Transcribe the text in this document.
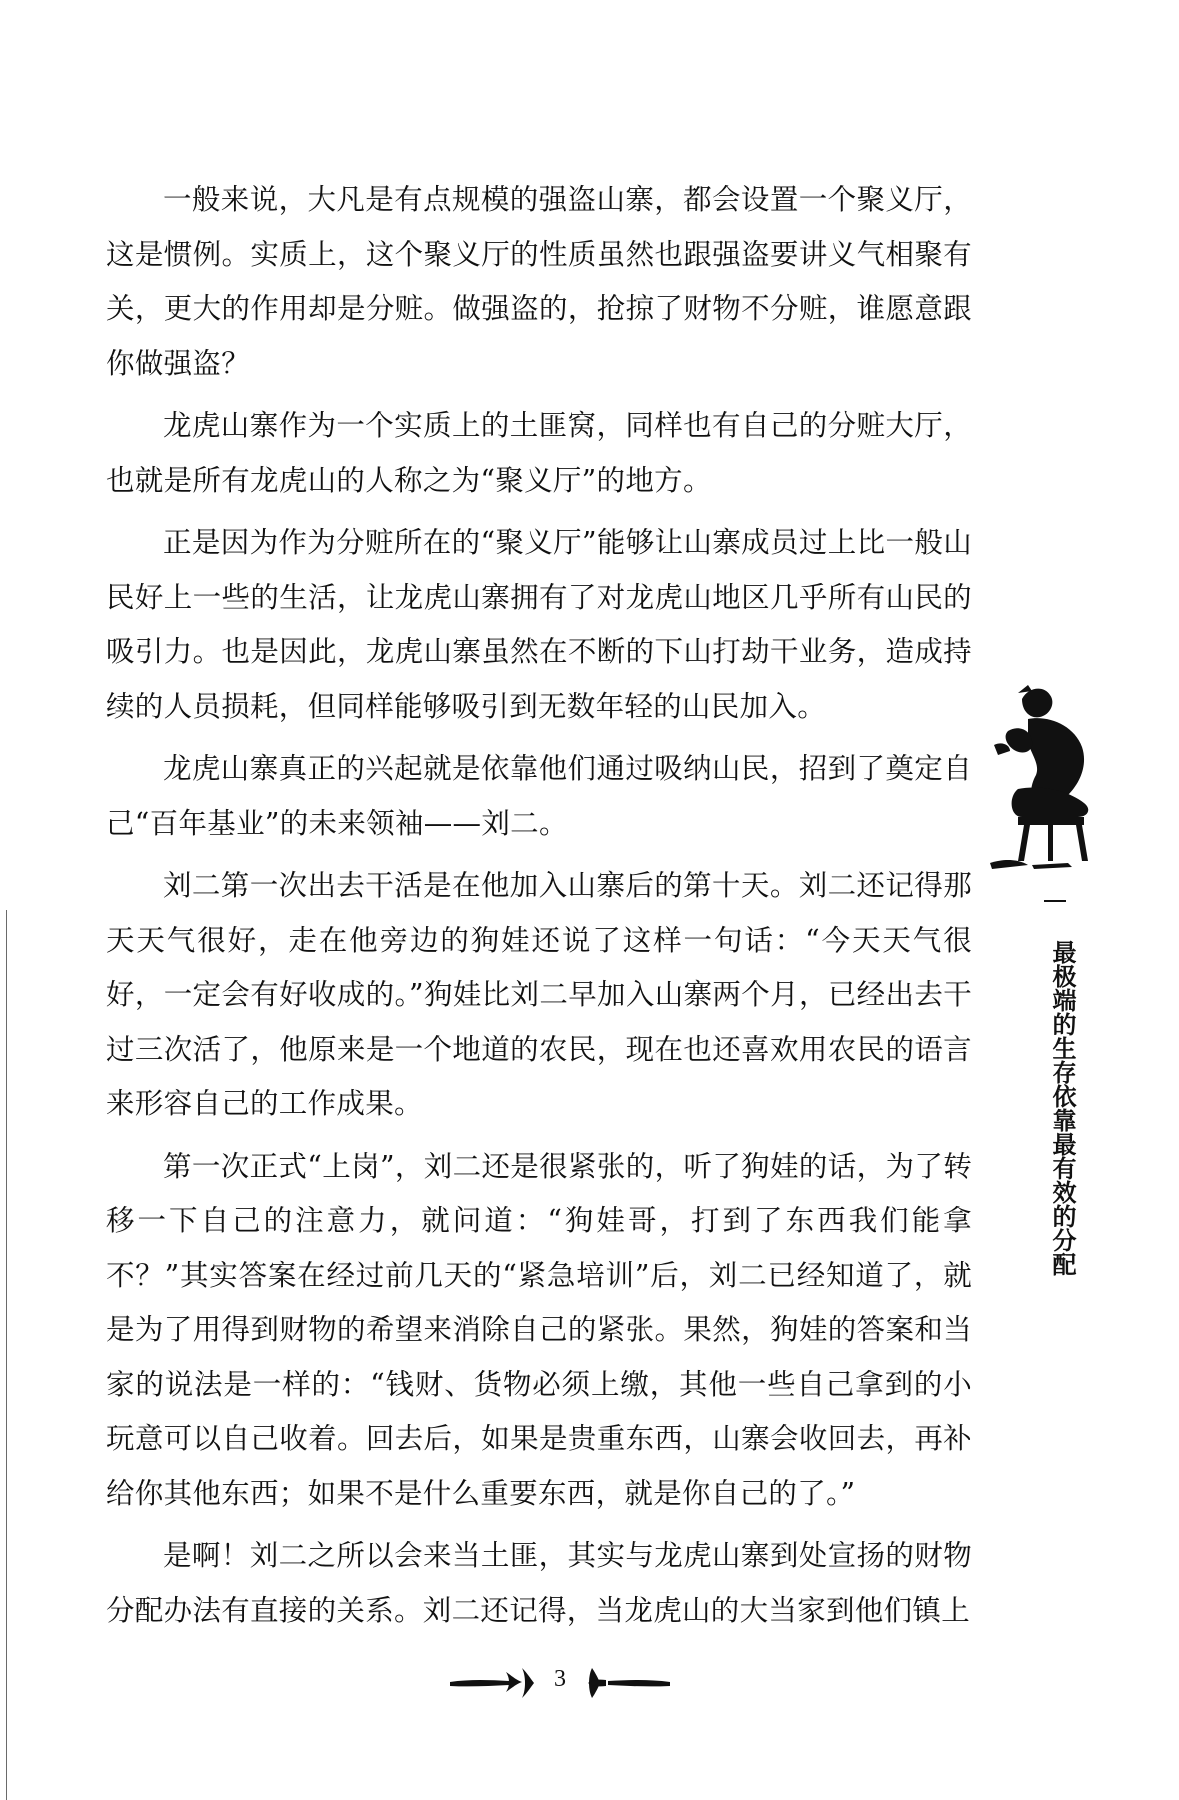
一般来说，大凡是有点规模的强盗山寨，都会设置一个聚义厅，这是惯例。实质上，这个聚义厅的性质虽然也跟强盗要讲义气相聚有关，更大的作用却是分赃。做强盗的，抢掠了财物不分赃，谁愿意跟你做强盗？

龙虎山寨作为一个实质上的土匪窝，同样也有自己的分赃大厅，也就是所有龙虎山的人称之为“聚义厅”的地方。

正是因为作为分赃所在的“聚义厅”能够让山寨成员过上比一般山民好上一些的生活，让龙虎山寨拥有了对龙虎山地区几乎所有山民的吸引力。也是因此，龙虎山寨虽然在不断的下山打劫干业务，造成持续的人员损耗，但同样能够吸引到无数年轻的山民加入。

龙虎山寨真正的兴起就是依靠他们通过吸纳山民，招到了奠定自己“百年基业”的未来领袖——刘二。

刘二第一次出去干活是在他加入山寨后的第十天。刘二还记得那天天气很好，走在他旁边的狗娃还说了这样一句话：“今天天气很好，一定会有好收成的。”狗娃比刘二早加入山寨两个月，已经出去干过三次活了，他原来是一个地道的农民，现在也还喜欢用农民的语言来形容自己的工作成果。

第一次正式“上岗”，刘二还是很紧张的，听了狗娃的话，为了转移一下自己的注意力，就问道：“狗娃哥，打到了东西我们能拿不？”其实答案在经过前几天的“紧急培训”后，刘二已经知道了，就是为了用得到财物的希望来消除自己的紧张。果然，狗娃的答案和当家的说法是一样的：“钱财、货物必须上缴，其他一些自己拿到的小玩意可以自己收着。回去后，如果是贵重东西，山寨会收回去，再补给你其他东西；如果不是什么重要东西，就是你自己的了。”

是啊！刘二之所以会来当土匪，其实与龙虎山寨到处宣扬的财物分配办法有直接的关系。刘二还记得，当龙虎山的大当家到他们镇上

最极端的生存依靠最有效的分配
3
